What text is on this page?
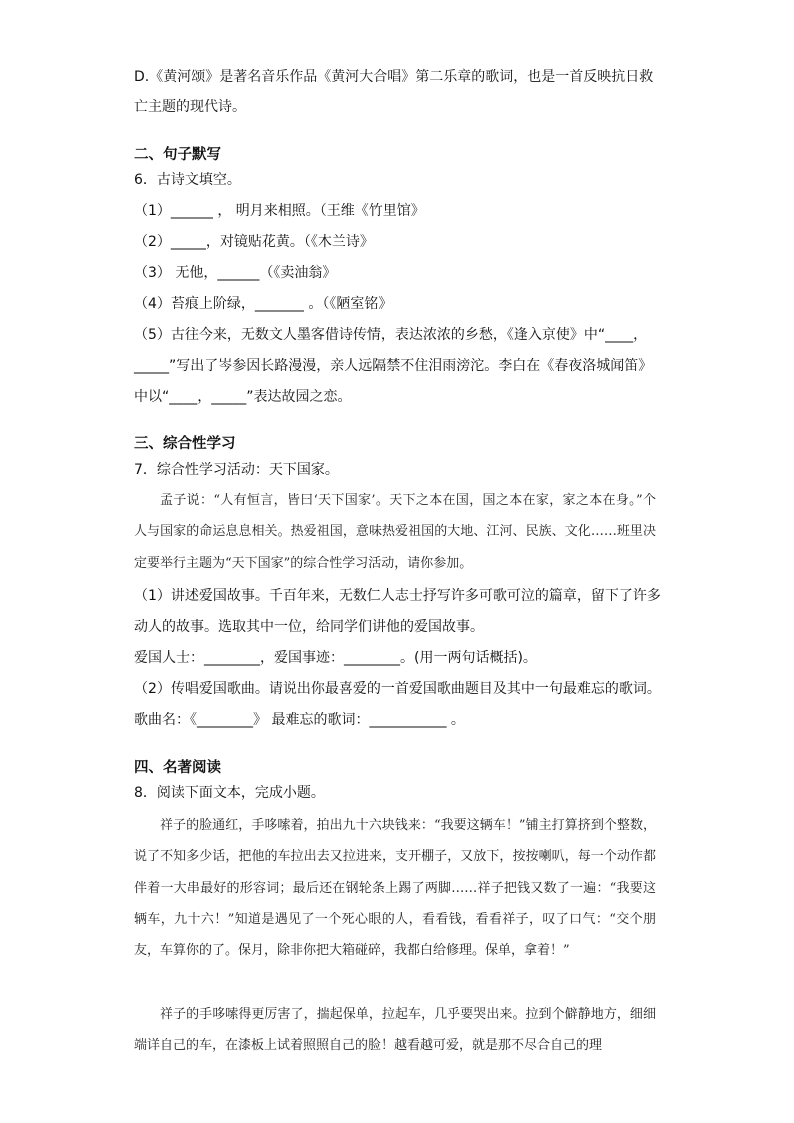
D.《黄河颂》是著名音乐作品《黄河大合唱》第二乐章的歌词，也是一首反映抗日救
亡主题的现代诗。
二、句子默写
6．古诗文填空。
（1）______ ， 明月来相照。（王维《竹里馆》
（2）_____，对镜贴花黄。（《木兰诗》
（3） 无他，______（《卖油翁》
（4）苔痕上阶绿，_______ 。（《陋室铭》
（5）古往今来，无数文人墨客借诗传情，表达浓浓的乡愁，《逢入京使》中“____，
_____”写出了岑参因长路漫漫，亲人远隔禁不住泪雨滂沱。李白在《春夜洛城闻笛》
中以“____，_____”表达故园之恋。
三、综合性学习
7．综合性学习活动：天下国家。
孟子说：“人有恒言，皆曰‘天下国家’。天下之本在国，国之本在家，家之本在身。”个人与国家的命运息息相关。热爱祖国，意味热爱祖国的大地、江河、民族、文化……班里决定要举行主题为“天下国家”的综合性学习活动，请你参加。
（1）讲述爱国故事。千百年来，无数仁人志士抒写许多可歌可泣的篇章，留下了许多
动人的故事。选取其中一位，给同学们讲他的爱国故事。
爱国人士：________，爱国事迹：________。(用一两句话概括)。
（2）传唱爱国歌曲。请说出你最喜爱的一首爱国歌曲题目及其中一句最难忘的歌词。
歌曲名：《________》 最难忘的歌词：___________ 。
四、名著阅读
8．阅读下面文本，完成小题。
祥子的脸通红，手哆嗦着，拍出九十六块钱来：“我要这辆车！”铺主打算挤到个整数，说了不知多少话，把他的车拉出去又拉进来，支开棚子，又放下，按按喇叭，每一个动作都伴着一大串最好的形容词；最后还在钢轮条上踢了两脚……祥子把钱又数了一遍：“我要这辆车，九十六！”知道是遇见了一个死心眼的人，看看钱，看看祥子，叹了口气：“交个朋友，车算你的了。保月，除非你把大箱碰碎，我都白给修理。保单，拿着！”
祥子的手哆嗦得更厉害了，揣起保单，拉起车，几乎要哭出来。拉到个僻静地方，细细端详自己的车，在漆板上试着照照自己的脸！越看越可爱，就是那不尽合自己的理
